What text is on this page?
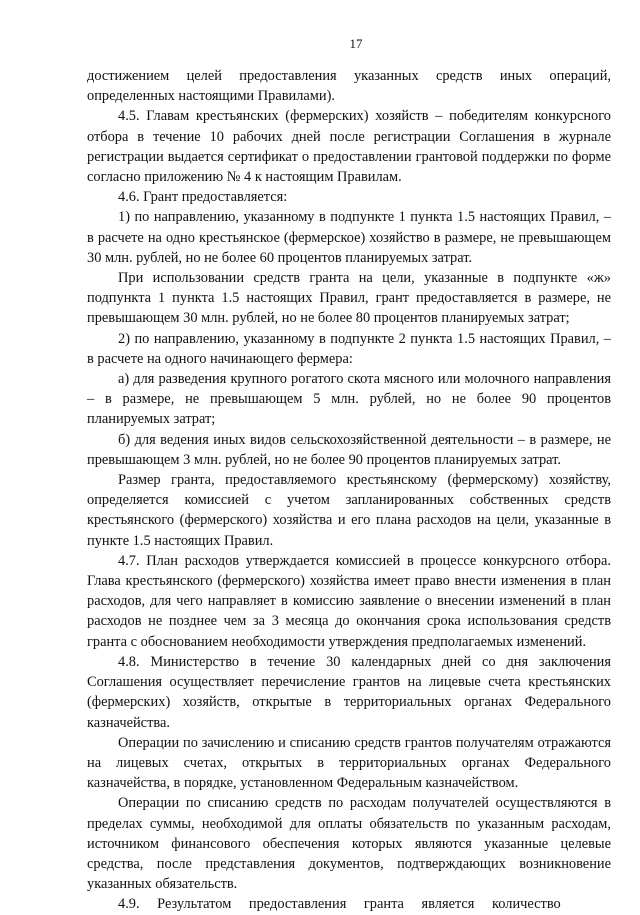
17

достижением целей предоставления указанных средств иных операций, определенных настоящими Правилами).

4.5. Главам крестьянских (фермерских) хозяйств – победителям конкурсного отбора в течение 10 рабочих дней после регистрации Соглашения в журнале регистрации выдается сертификат о предоставлении грантовой поддержки по форме согласно приложению № 4 к настоящим Правилам.

4.6. Грант предоставляется:

1) по направлению, указанному в подпункте 1 пункта 1.5 настоящих Правил, – в расчете на одно крестьянское (фермерское) хозяйство в размере, не превышающем 30 млн. рублей, но не более 60 процентов планируемых затрат.

При использовании средств гранта на цели, указанные в подпункте «ж» подпункта 1 пункта 1.5 настоящих Правил, грант предоставляется в размере, не превышающем 30 млн. рублей, но не более 80 процентов планируемых затрат;

2) по направлению, указанному в подпункте 2 пункта 1.5 настоящих Правил, – в расчете на одного начинающего фермера:

а) для разведения крупного рогатого скота мясного или молочного направления – в размере, не превышающем 5 млн. рублей, но не более 90 процентов планируемых затрат;

б) для ведения иных видов сельскохозяйственной деятельности – в размере, не превышающем 3 млн. рублей, но не более 90 процентов планируемых затрат.

Размер гранта, предоставляемого крестьянскому (фермерскому) хозяйству, определяется комиссией с учетом запланированных собственных средств крестьянского (фермерского) хозяйства и его плана расходов на цели, указанные в пункте 1.5 настоящих Правил.

4.7. План расходов утверждается комиссией в процессе конкурсного отбора. Глава крестьянского (фермерского) хозяйства имеет право внести изменения в план расходов, для чего направляет в комиссию заявление о внесении изменений в план расходов не позднее чем за 3 месяца до окончания срока использования средств гранта с обоснованием необходимости утверждения предполагаемых изменений.

4.8. Министерство в течение 30 календарных дней со дня заключения Соглашения осуществляет перечисление грантов на лицевые счета крестьянских (фермерских) хозяйств, открытые в территориальных органах Федерального казначейства.

Операции по зачислению и списанию средств грантов получателям отражаются на лицевых счетах, открытых в территориальных органах Федерального казначейства, в порядке, установленном Федеральным казначейством.

Операции по списанию средств по расходам получателей осуществляются в пределах суммы, необходимой для оплаты обязательств по указанным расходам, источником финансового обеспечения которых являются указанные целевые средства, после представления документов, подтверждающих возникновение указанных обязательств.

4.9. Результатом предоставления гранта является количество
